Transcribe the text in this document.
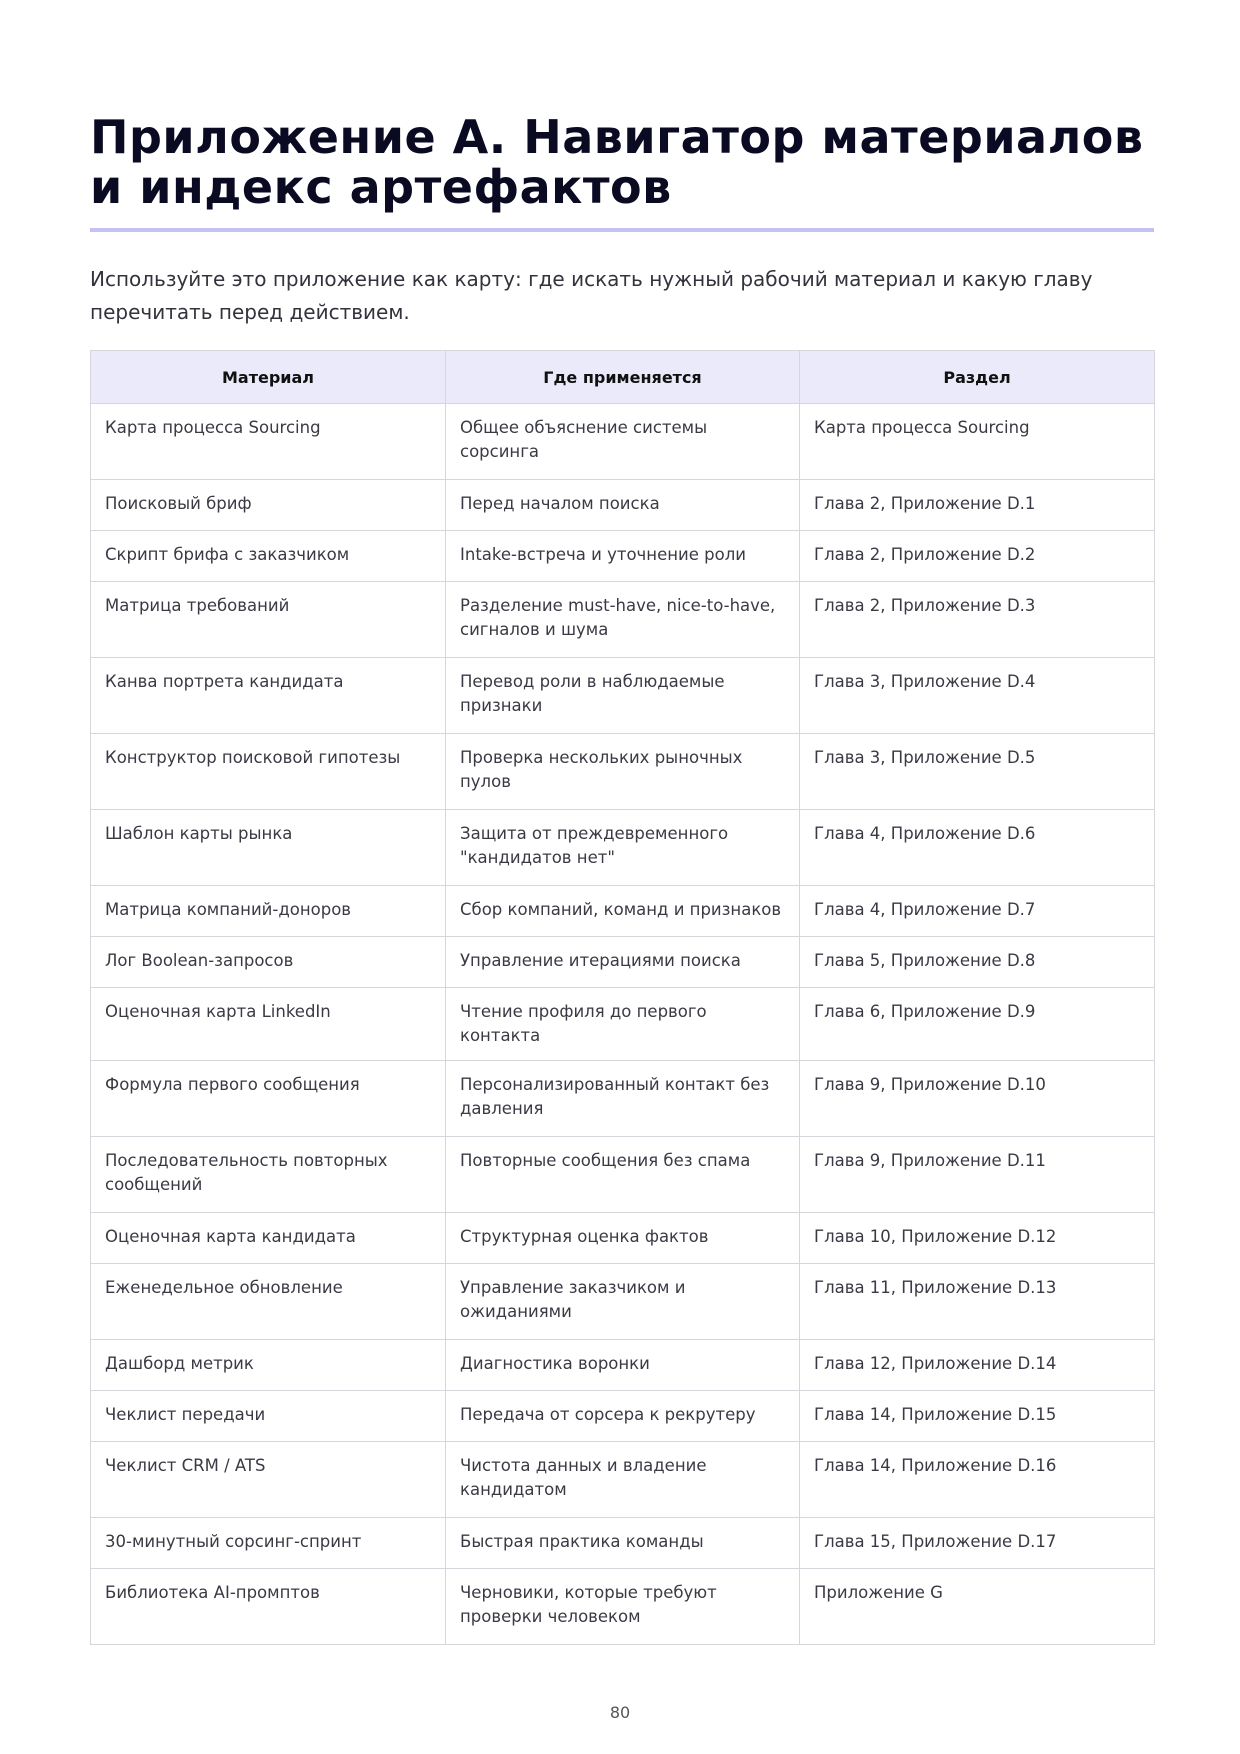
Приложение А. Навигатор материалов и индекс артефактов

Используйте это приложение как карту: где искать нужный рабочий материал и какую главу перечитать перед действием.

Материал	Где применяется	Раздел
Карта процесса Sourcing	Общее объяснение системы сорсинга	Карта процесса Sourcing
Поисковый бриф	Перед началом поиска	Глава 2, Приложение D.1
Скрипт брифа с заказчиком	Intake-встреча и уточнение роли	Глава 2, Приложение D.2
Матрица требований	Разделение must-have, nice-to-have, сигналов и шума	Глава 2, Приложение D.3
Канва портрета кандидата	Перевод роли в наблюдаемые признаки	Глава 3, Приложение D.4
Конструктор поисковой гипотезы	Проверка нескольких рыночных пулов	Глава 3, Приложение D.5
Шаблон карты рынка	Защита от преждевременного "кандидатов нет"	Глава 4, Приложение D.6
Матрица компаний-доноров	Сбор компаний, команд и признаков	Глава 4, Приложение D.7
Лог Boolean-запросов	Управление итерациями поиска	Глава 5, Приложение D.8
Оценочная карта LinkedIn	Чтение профиля до первого контакта	Глава 6, Приложение D.9
Формула первого сообщения	Персонализированный контакт без давления	Глава 9, Приложение D.10
Последовательность повторных сообщений	Повторные сообщения без спама	Глава 9, Приложение D.11
Оценочная карта кандидата	Структурная оценка фактов	Глава 10, Приложение D.12
Еженедельное обновление	Управление заказчиком и ожиданиями	Глава 11, Приложение D.13
Дашборд метрик	Диагностика воронки	Глава 12, Приложение D.14
Чеклист передачи	Передача от сорсера к рекрутеру	Глава 14, Приложение D.15
Чеклист CRM / ATS	Чистота данных и владение кандидатом	Глава 14, Приложение D.16
30-минутный сорсинг-спринт	Быстрая практика команды	Глава 15, Приложение D.17
Библиотека AI-промптов	Черновики, которые требуют проверки человеком	Приложение G
80
